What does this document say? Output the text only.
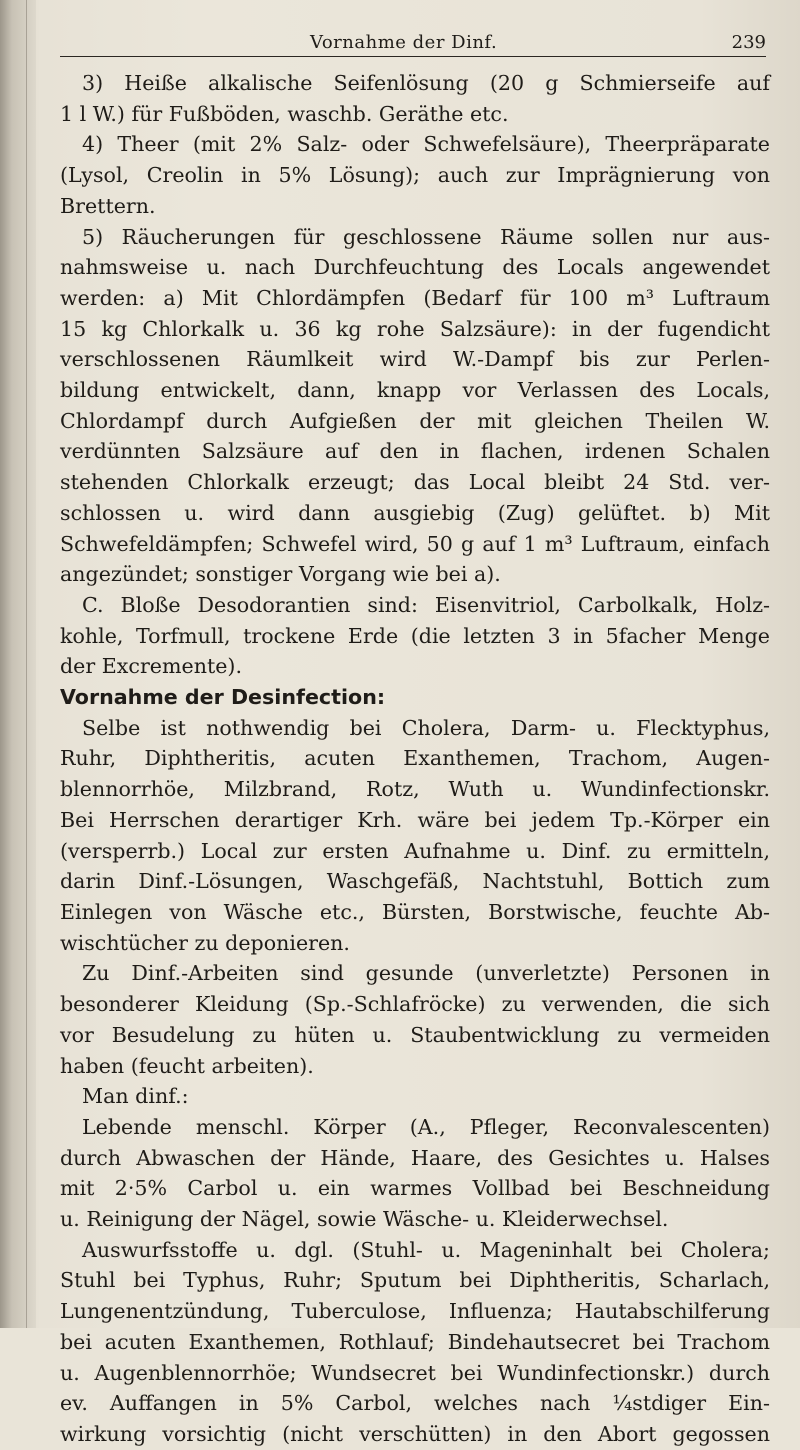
Vornahme der Dinf.	239
3) Heiße alkalische Seifenlösung (20 g Schmierseife auf
1 l W.) für Fußböden, waschb. Geräthe etc.
4) Theer (mit 2% Salz- oder Schwefelsäure), Theerpräparate
(Lysol, Creolin in 5% Lösung); auch zur Imprägnierung von
Brettern.
5) Räucherungen für geschlossene Räume sollen nur aus-
nahmsweise u. nach Durchfeuchtung des Locals angewendet
werden: a) Mit Chlordämpfen (Bedarf für 100 m³ Luftraum
15 kg Chlorkalk u. 36 kg rohe Salzsäure): in der fugendicht
verschlossenen Räumlkeit wird W.-Dampf bis zur Perlen-
bildung entwickelt, dann, knapp vor Verlassen des Locals,
Chlordampf durch Aufgießen der mit gleichen Theilen W.
verdünnten Salzsäure auf den in flachen, irdenen Schalen
stehenden Chlorkalk erzeugt; das Local bleibt 24 Std. ver-
schlossen u. wird dann ausgiebig (Zug) gelüftet. b) Mit
Schwefeldämpfen; Schwefel wird, 50 g auf 1 m³ Luftraum, einfach
angezündet; sonstiger Vorgang wie bei a).
C. Bloße Desodorantien sind: Eisenvitriol, Carbolkalk, Holz-
kohle, Torfmull, trockene Erde (die letzten 3 in 5facher Menge
der Excremente).
Vornahme der Desinfection:
Selbe ist nothwendig bei Cholera, Darm- u. Flecktyphus,
Ruhr, Diphtheritis, acuten Exanthemen, Trachom, Augen-
blennorrhöe, Milzbrand, Rotz, Wuth u. Wundinfectionskr.
Bei Herrschen derartiger Krh. wäre bei jedem Tp.-Körper ein
(versperrb.) Local zur ersten Aufnahme u. Dinf. zu ermitteln,
darin Dinf.-Lösungen, Waschgefäß, Nachtstuhl, Bottich zum
Einlegen von Wäsche etc., Bürsten, Borstwische, feuchte Ab-
wischtücher zu deponieren.
Zu Dinf.-Arbeiten sind gesunde (unverletzte) Personen in
besonderer Kleidung (Sp.-Schlafröcke) zu verwenden, die sich
vor Besudelung zu hüten u. Staubentwicklung zu vermeiden
haben (feucht arbeiten).
Man dinf.:
Lebende menschl. Körper (A., Pfleger, Reconvalescenten)
durch Abwaschen der Hände, Haare, des Gesichtes u. Halses
mit 2·5% Carbol u. ein warmes Vollbad bei Beschneidung
u. Reinigung der Nägel, sowie Wäsche- u. Kleiderwechsel.
Auswurfsstoffe u. dgl. (Stuhl- u. Mageninhalt bei Cholera;
Stuhl bei Typhus, Ruhr; Sputum bei Diphtheritis, Scharlach,
Lungenentzündung, Tuberculose, Influenza; Hautabschilferung
bei acuten Exanthemen, Rothlauf; Bindehautsecret bei Trachom
u. Augenblennorrhöe; Wundsecret bei Wundinfectionskr.) durch
ev. Auffangen in 5% Carbol, welches nach ¼stdiger Ein-
wirkung vorsichtig (nicht verschütten) in den Abort gegossen
